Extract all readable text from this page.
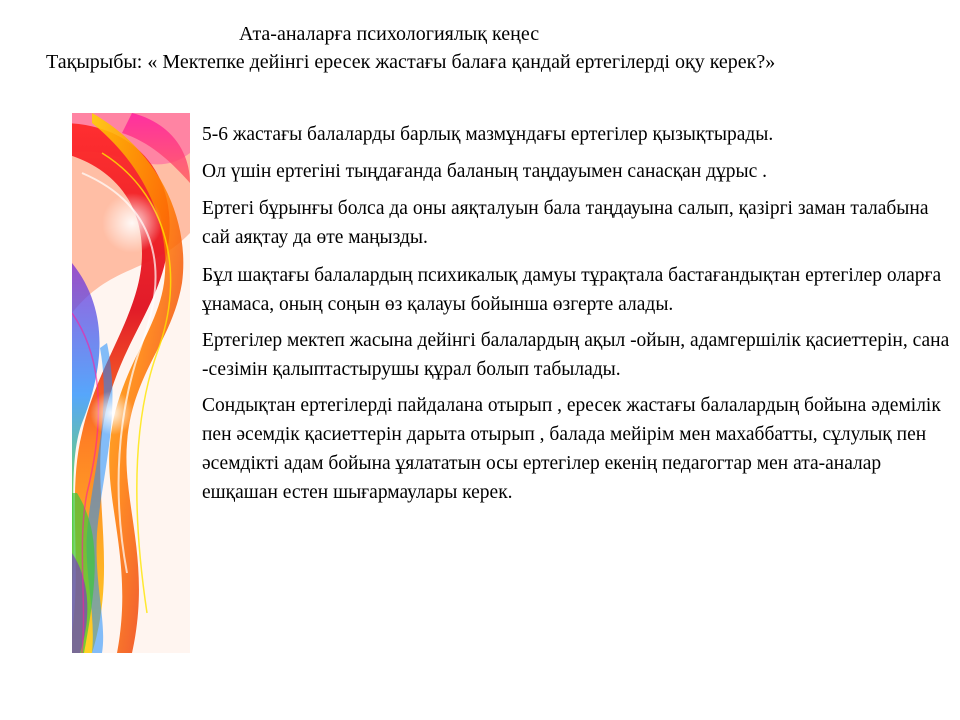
Ата-аналарға психологиялық кеңес
Тақырыбы: « Мектепке дейінгі ересек жастағы балаға қандай ертегілерді оқу керек?»

5-6 жастағы балаларды барлық мазмұндағы ертегілер қызықтырады.

Ол үшін ертегіні тыңдағанда баланың таңдауымен санасқан дұрыс .

Ертегі бұрынғы болса да оны аяқталуын бала таңдауына салып, қазіргі заман талабына сай аяқтау да өте маңызды.

Бұл шақтағы балалардың психикалық дамуы тұрақтала бастағандықтан ертегілер оларға ұнамаса, оның соңын өз қалауы бойынша өзгерте алады.

Ертегілер мектеп жасына дейінгі балалардың ақыл -ойын, адамгершілік қасиеттерін, сана -сезімін қалыптастырушы құрал болып табылады.

Сондықтан ертегілерді пайдалана отырып , ересек жастағы балалардың бойына әдемілік пен әсемдік қасиеттерін дарыта отырып , балада мейірім мен махаббатты, сұлулық пен әсемдікті адам бойына ұялататын осы ертегілер екенің педагогтар мен ата-аналар ешқашан естен шығармаулары керек.
